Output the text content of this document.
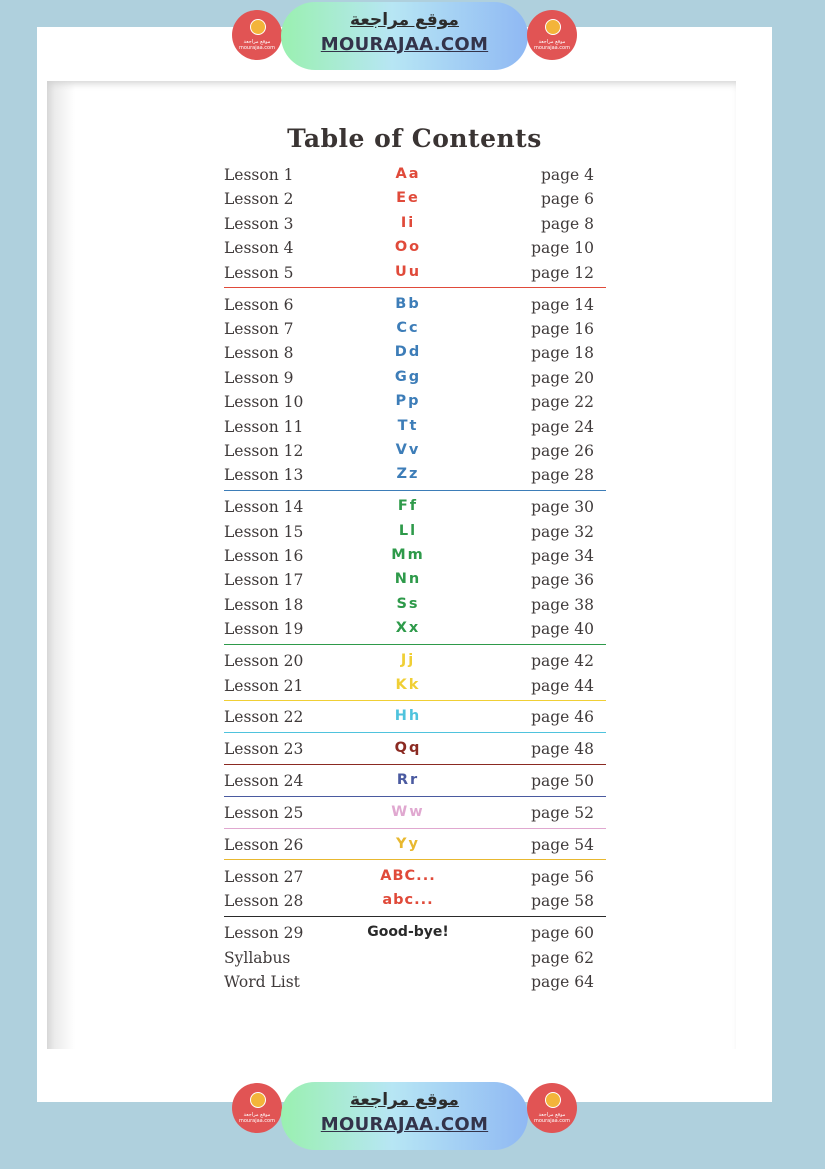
موقع مراجعة mourajaa.com
موقع مراجعة
MOURAJAA.COM	موقع مراجعة mourajaa.com
Table of Contents
Lesson 1	Aa	page 4
Lesson 2	Ee	page 6
Lesson 3	Ii	page 8
Lesson 4	Oo	page 10
Lesson 5	Uu	page 12
Lesson 6	Bb	page 14
Lesson 7	Cc	page 16
Lesson 8	Dd	page 18
Lesson 9	Gg	page 20
Lesson 10	Pp	page 22
Lesson 11	Tt	page 24
Lesson 12	Vv	page 26
Lesson 13	Zz	page 28
Lesson 14	Ff	page 30
Lesson 15	Ll	page 32
Lesson 16	Mm	page 34
Lesson 17	Nn	page 36
Lesson 18	Ss	page 38
Lesson 19	Xx	page 40
Lesson 20	Jj	page 42
Lesson 21	Kk	page 44
Lesson 22	Hh	page 46
Lesson 23	Qq	page 48
Lesson 24	Rr	page 50
Lesson 25	Ww	page 52
Lesson 26	Yy	page 54
Lesson 27	ABC...	page 56
Lesson 28	abc...	page 58
Lesson 29	Good-bye!	page 60
Syllabus	page 62
Word List	page 64
موقع مراجعة mourajaa.com
موقع مراجعة
MOURAJAA.COM	موقع مراجعة mourajaa.com
